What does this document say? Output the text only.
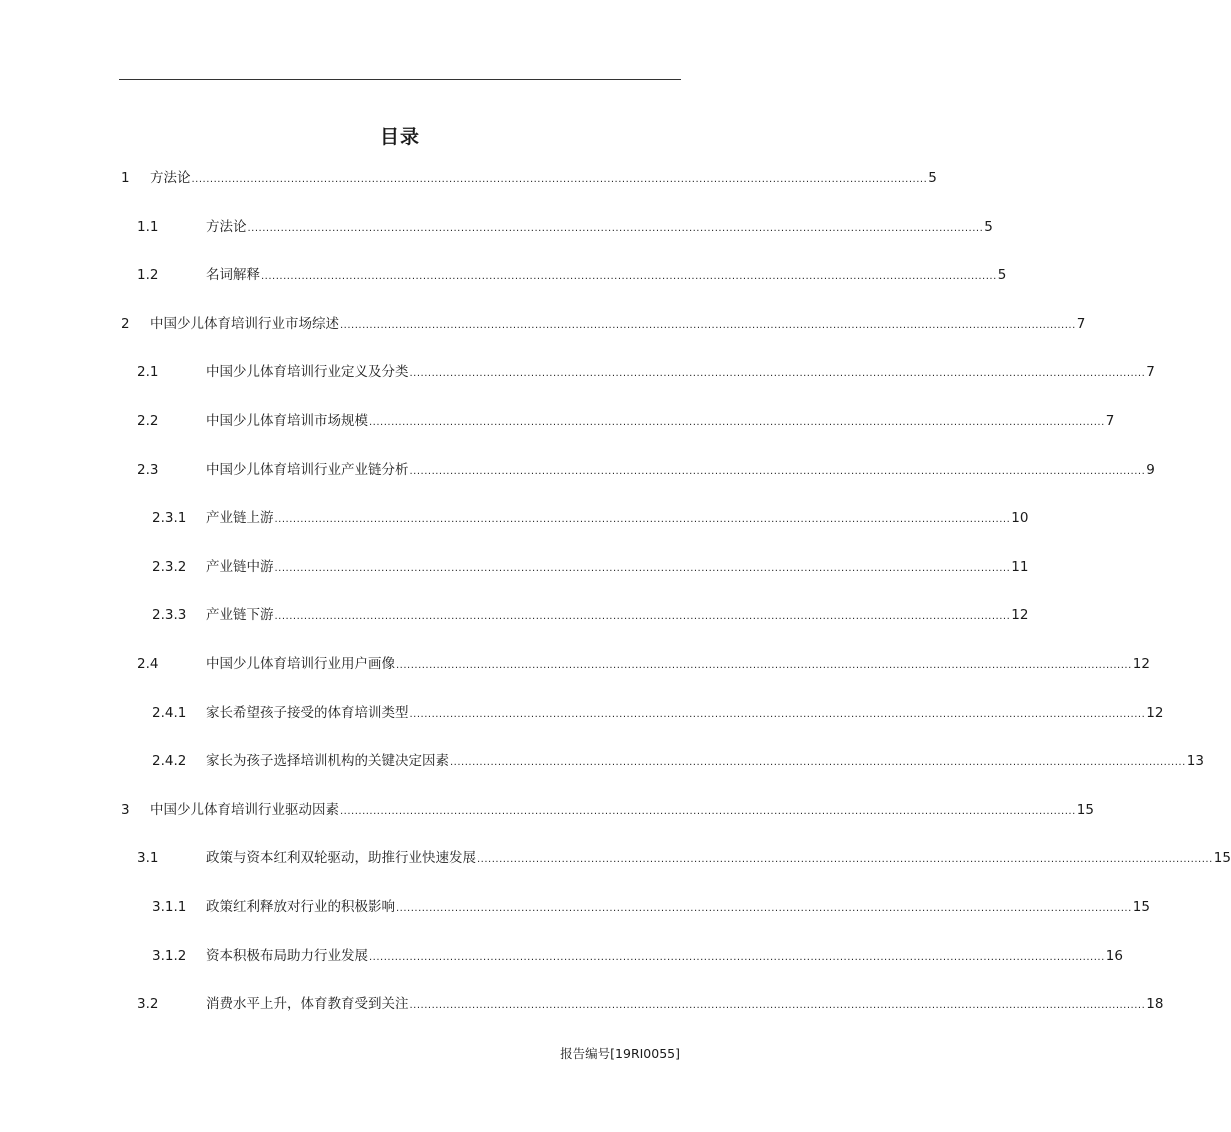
目录
1 方法论 ........................................................................................................................................................................................................ 5
1.1	方法论 ........................................................................................................................................................................................................ 5
1.2	名词解释 ........................................................................................................................................................................................................ 5
2 中国少儿体育培训行业市场综述 ........................................................................................................................................................................................................ 7
2.1	中国少儿体育培训行业定义及分类 ........................................................................................................................................................................................................ 7
2.2	中国少儿体育培训市场规模 ........................................................................................................................................................................................................ 7
2.3	中国少儿体育培训行业产业链分析 ........................................................................................................................................................................................................ 9
2.3.1 产业链上游 ........................................................................................................................................................................................................ 10
2.3.2 产业链中游 ........................................................................................................................................................................................................ 11
2.3.3 产业链下游 ........................................................................................................................................................................................................ 12
2.4	中国少儿体育培训行业用户画像 ........................................................................................................................................................................................................ 12
2.4.1 家长希望孩子接受的体育培训类型 ........................................................................................................................................................................................................ 12
2.4.2 家长为孩子选择培训机构的关键决定因素 ........................................................................................................................................................................................................ 13
3 中国少儿体育培训行业驱动因素 ........................................................................................................................................................................................................ 15
3.1	政策与资本红利双轮驱动，助推行业快速发展 ........................................................................................................................................................................................................ 15
3.1.1 政策红利释放对行业的积极影响 ........................................................................................................................................................................................................ 15
3.1.2 资本积极布局助力行业发展 ........................................................................................................................................................................................................ 16
3.2	消费水平上升，体育教育受到关注 ........................................................................................................................................................................................................ 18
报告编号[19RI0055]
